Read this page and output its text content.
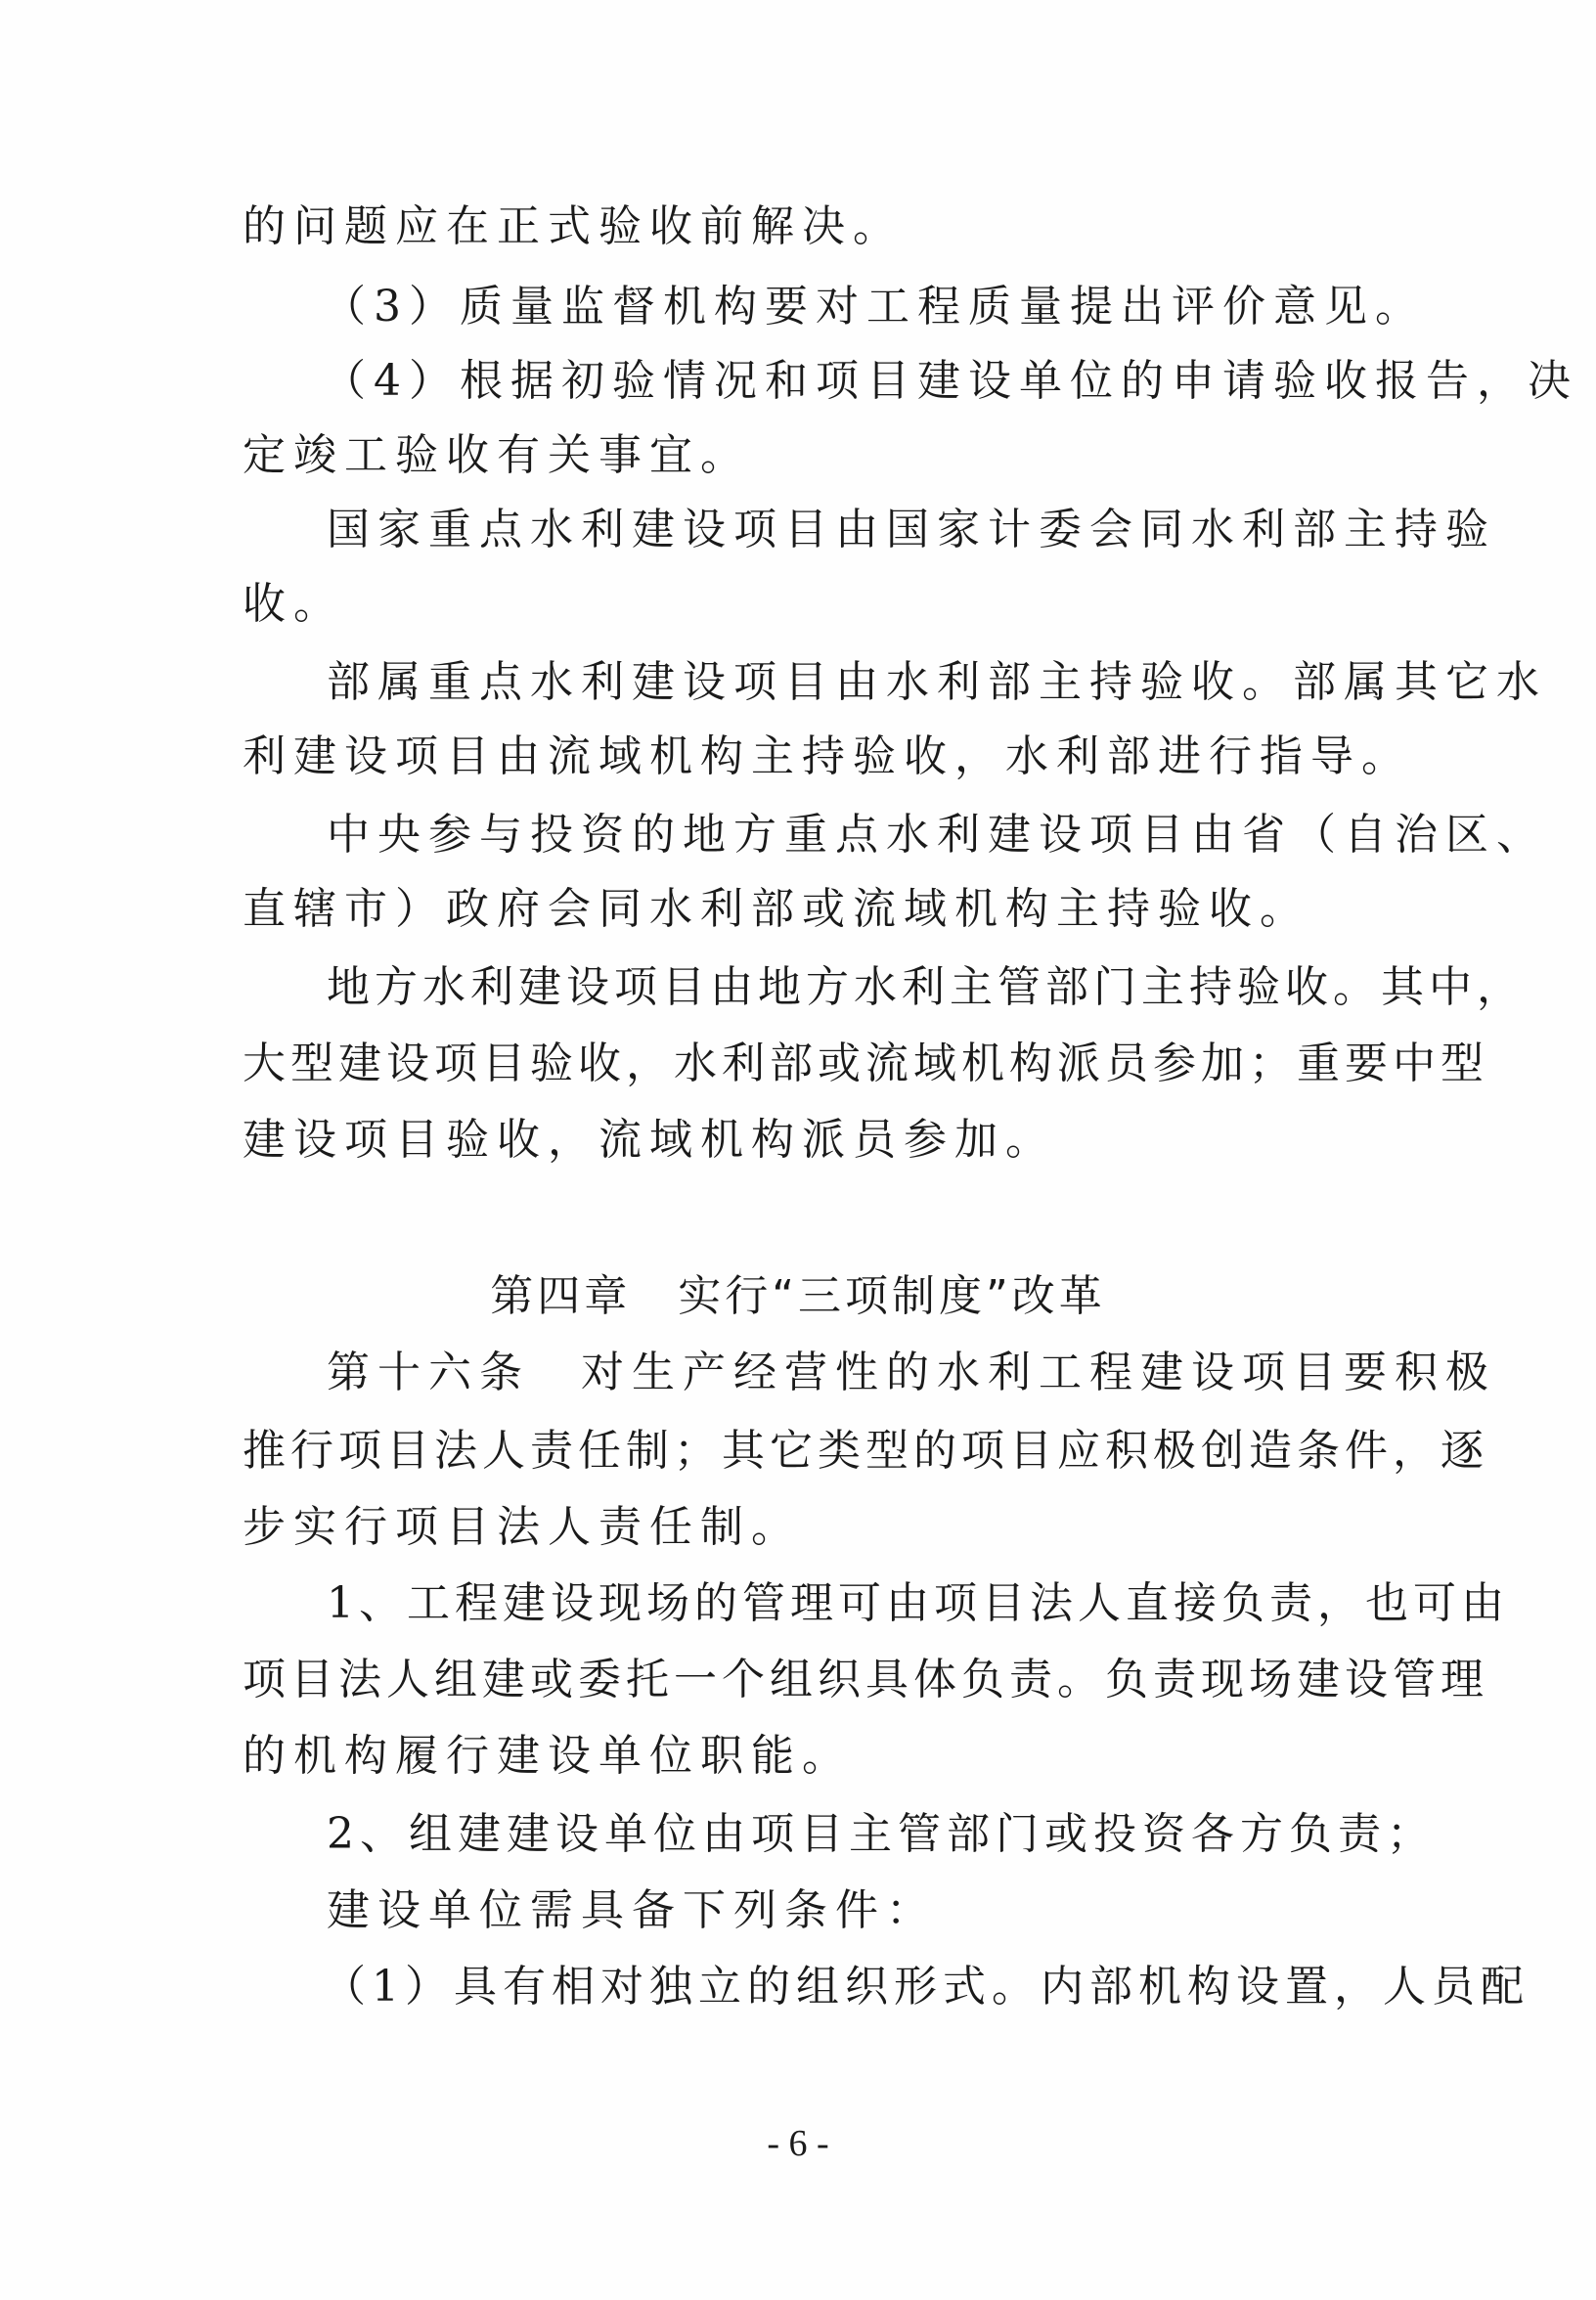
的问题应在正式验收前解决。
（3）质量监督机构要对工程质量提出评价意见。
（4）根据初验情况和项目建设单位的申请验收报告，决
定竣工验收有关事宜。
国家重点水利建设项目由国家计委会同水利部主持验
收。
部属重点水利建设项目由水利部主持验收。部属其它水
利建设项目由流域机构主持验收，水利部进行指导。
中央参与投资的地方重点水利建设项目由省（自治区、
直辖市）政府会同水利部或流域机构主持验收。
地方水利建设项目由地方水利主管部门主持验收。其中，
大型建设项目验收，水利部或流域机构派员参加；重要中型
建设项目验收，流域机构派员参加。
第四章　实行“三项制度”改革
第十六条　对生产经营性的水利工程建设项目要积极
推行项目法人责任制；其它类型的项目应积极创造条件，逐
步实行项目法人责任制。
1、工程建设现场的管理可由项目法人直接负责，也可由
项目法人组建或委托一个组织具体负责。负责现场建设管理
的机构履行建设单位职能。
2、组建建设单位由项目主管部门或投资各方负责；
建设单位需具备下列条件：
（1）具有相对独立的组织形式。内部机构设置，人员配
- 6 -
